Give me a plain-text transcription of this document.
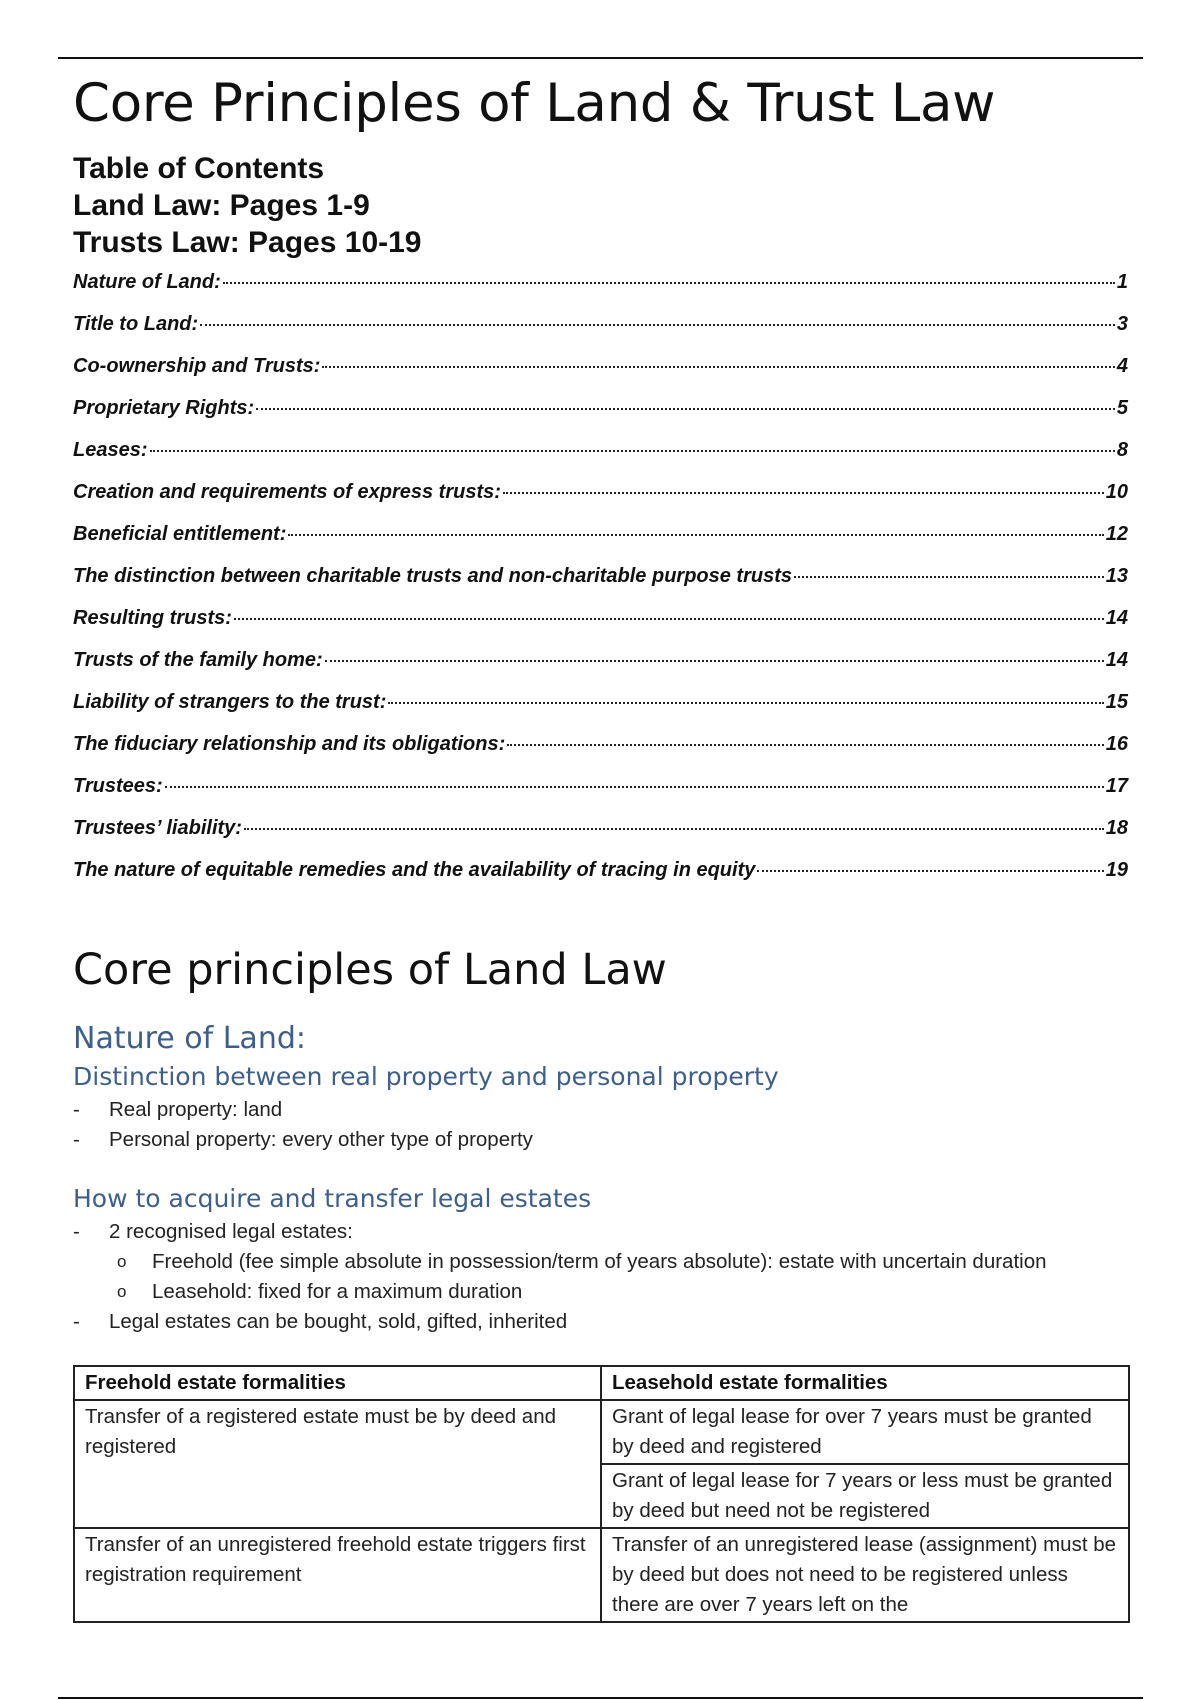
Core Principles of Land & Trust Law

Table of Contents

Land Law: Pages 1-9

Trusts Law: Pages 10-19

Nature of Land:	1
Title to Land:	3
Co-ownership and Trusts:	4
Proprietary Rights:	5
Leases:	8
Creation and requirements of express trusts:	10
Beneficial entitlement:	12
The distinction between charitable trusts and non-charitable purpose trusts	13
Resulting trusts:	14
Trusts of the family home:	14
Liability of strangers to the trust:	15
The fiduciary relationship and its obligations:	16
Trustees:	17
Trustees’ liability:	18
The nature of equitable remedies and the availability of tracing in equity	19
Core principles of Land Law
Nature of Land:
Distinction between real property and personal property
- Real property: land
- Personal property: every other type of property
How to acquire and transfer legal estates
- 2 recognised legal estates:
o Freehold (fee simple absolute in possession/term of years absolute): estate with uncertain duration
o Leasehold: fixed for a maximum duration
- Legal estates can be bought, sold, gifted, inherited
Freehold estate formalities	Leasehold estate formalities
Transfer of a registered estate must be by deed and registered	Grant of legal lease for over 7 years must be granted by deed and registered
	Grant of legal lease for 7 years or less must be granted by deed but need not be registered
Transfer of an unregistered freehold estate triggers first registration requirement	Transfer of an unregistered lease (assignment) must be by deed but does not need to be registered unless there are over 7 years left on the
